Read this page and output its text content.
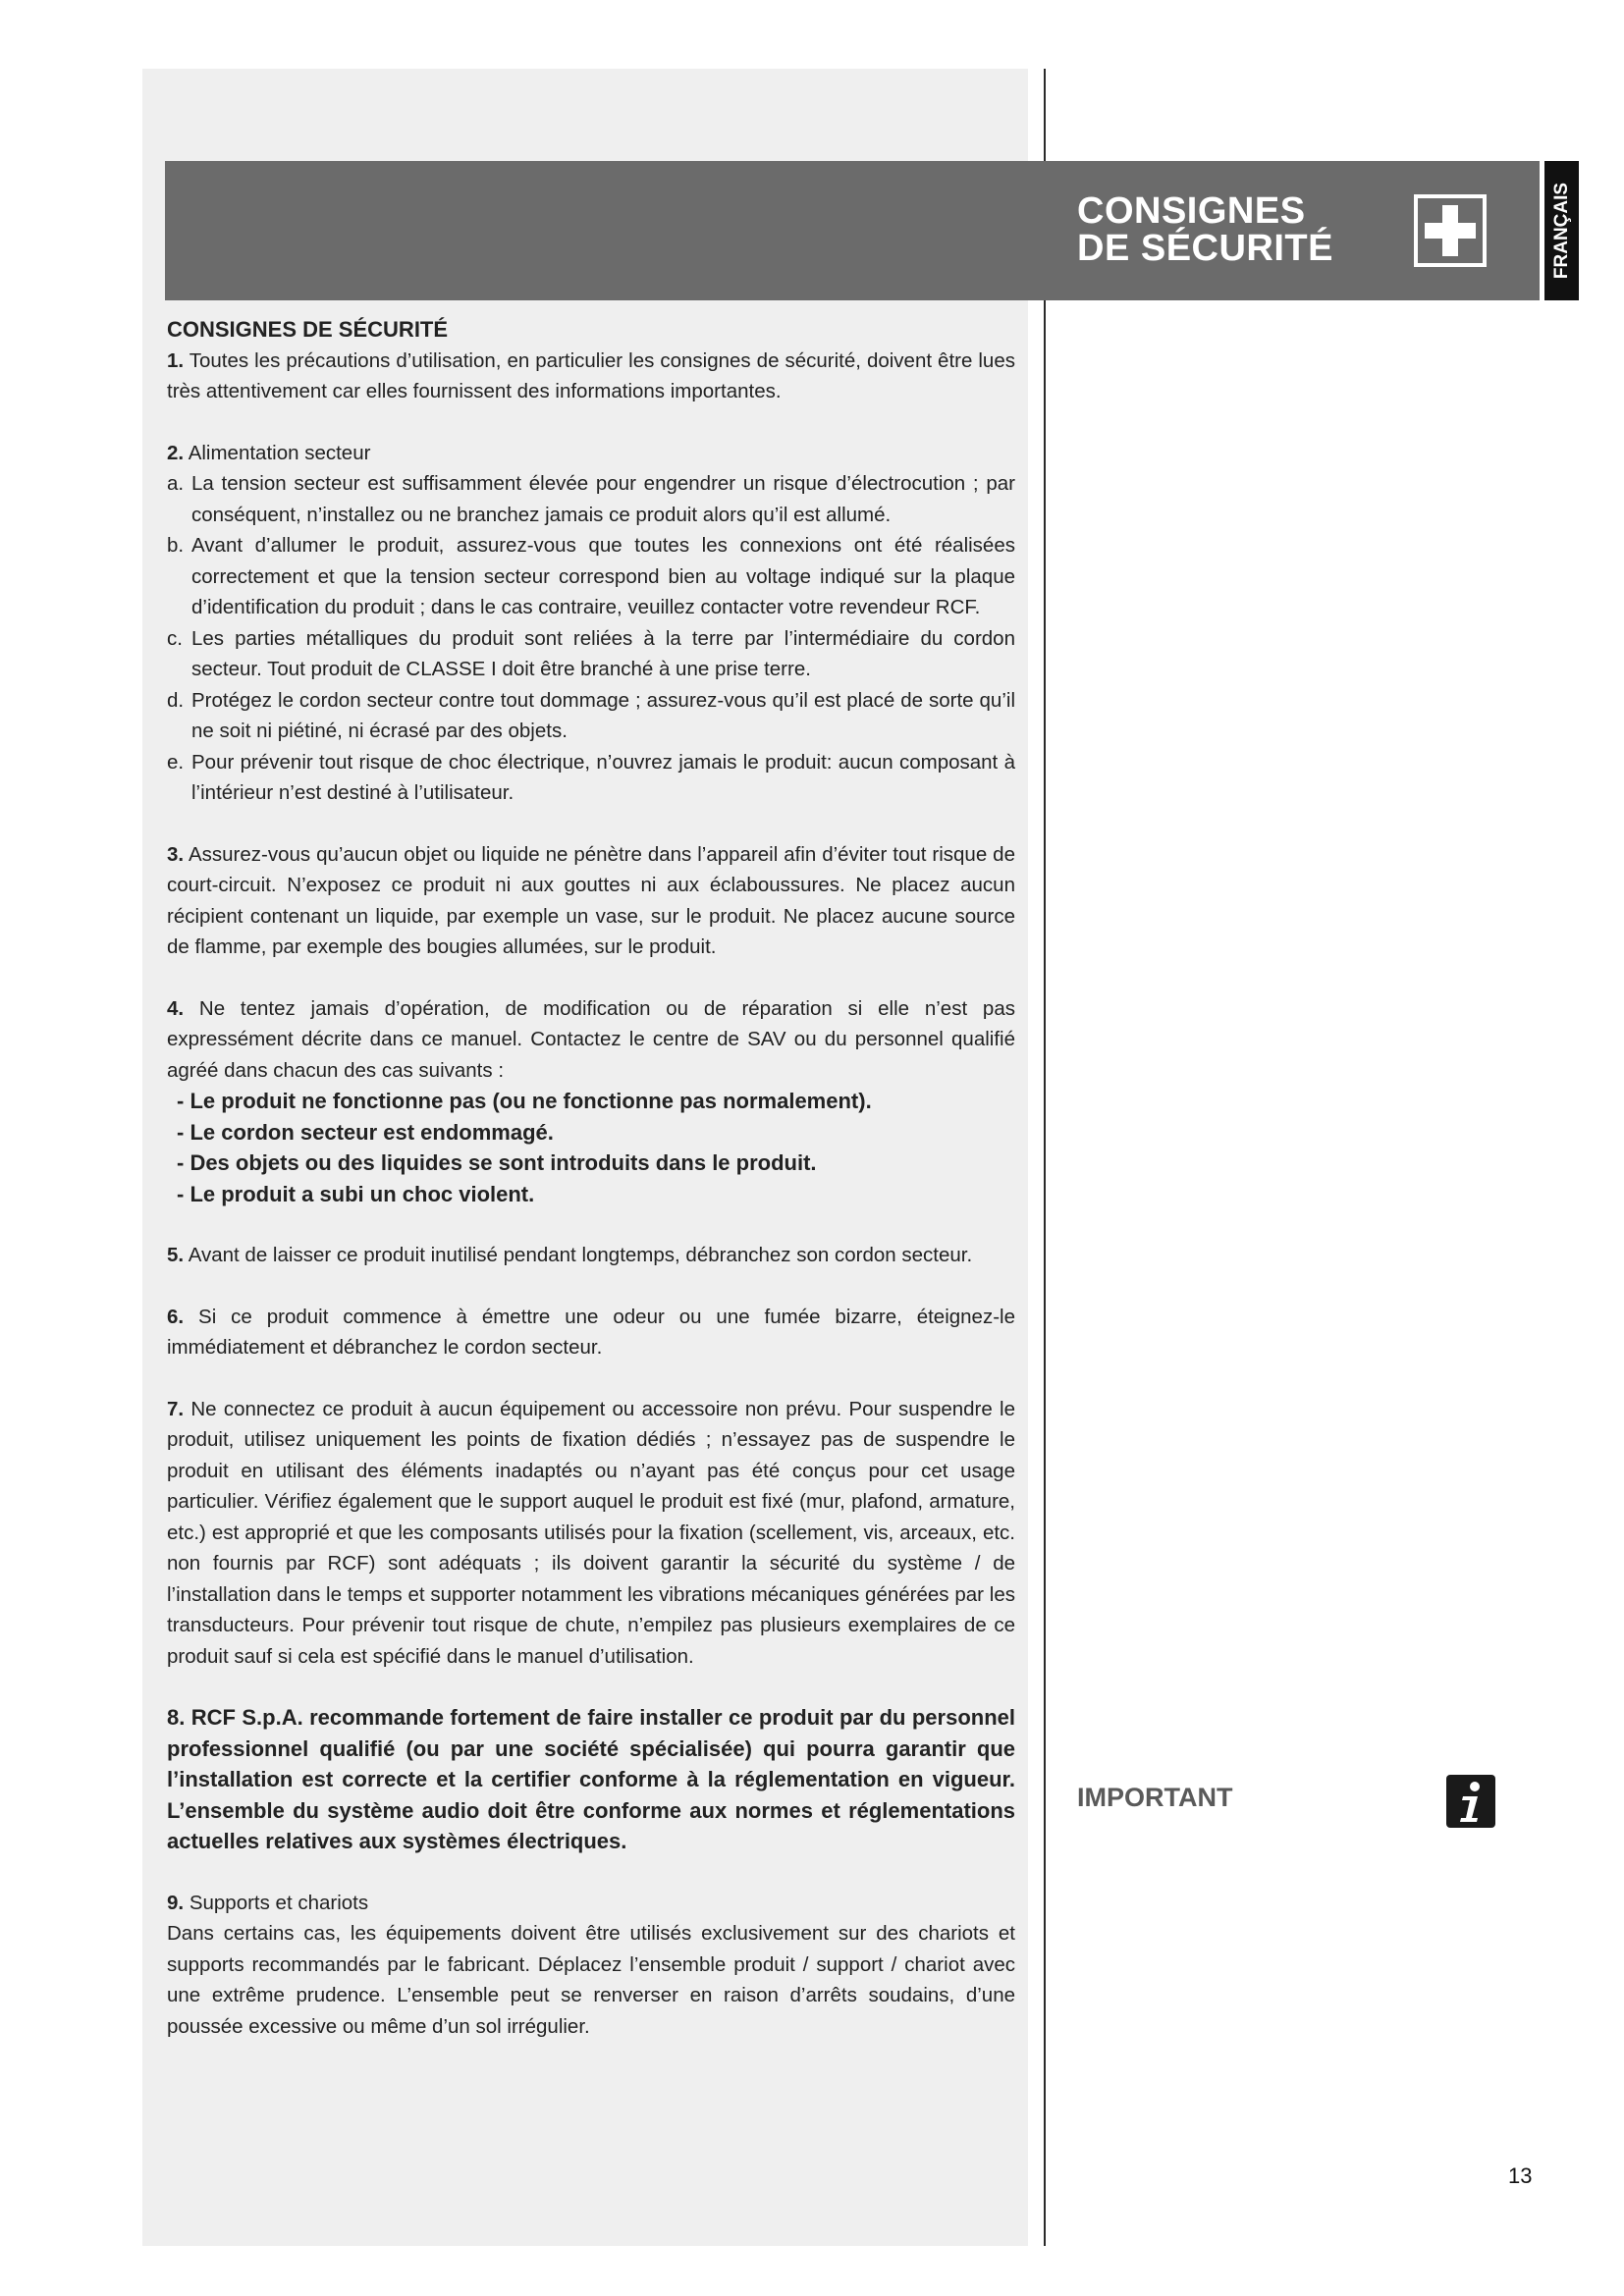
CONSIGNES
DE SÉCURITÉ	FRANÇAIS
CONSIGNES DE SÉCURITÉ

1. Toutes les précautions d’utilisation, en particulier les consignes de sécurité, doivent être lues très attentivement car elles fournissent des informations importantes.

2. Alimentation secteur

a. La tension secteur est suffisamment élevée pour engendrer un risque d’électrocution ; par conséquent, n’installez ou ne branchez jamais ce produit alors qu’il est allumé.
b. Avant d’allumer le produit, assurez-vous que toutes les connexions ont été réalisées correctement et que la tension secteur correspond bien au voltage indiqué sur la plaque d’identification du produit ; dans le cas contraire, veuillez contacter votre revendeur RCF.
c. Les parties métalliques du produit sont reliées à la terre par l’intermédiaire du cordon secteur. Tout produit de CLASSE I doit être branché à une prise terre.
d. Protégez le cordon secteur contre tout dommage ; assurez-vous qu’il est placé de sorte qu’il ne soit ni piétiné, ni écrasé par des objets.
e. Pour prévenir tout risque de choc électrique, n’ouvrez jamais le produit: aucun composant à l’intérieur n’est destiné à l’utilisateur.

3. Assurez-vous qu’aucun objet ou liquide ne pénètre dans l’appareil afin d’éviter tout risque de court-circuit. N’exposez ce produit ni aux gouttes ni aux éclaboussures. Ne placez aucun récipient contenant un liquide, par exemple un vase, sur le produit. Ne placez aucune source de flamme, par exemple des bougies allumées, sur le produit.

4. Ne tentez jamais d’opération, de modification ou de réparation si elle n’est pas expressément décrite dans ce manuel. Contactez le centre de SAV ou du personnel qualifié agréé dans chacun des cas suivants :

- Le produit ne fonctionne pas (ou ne fonctionne pas normalement).
- Le cordon secteur est endommagé.
- Des objets ou des liquides se sont introduits dans le produit.
- Le produit a subi un choc violent.

5. Avant de laisser ce produit inutilisé pendant longtemps, débranchez son cordon secteur.

6. Si ce produit commence à émettre une odeur ou une fumée bizarre, éteignez-le immédiatement et débranchez le cordon secteur.

7. Ne connectez ce produit à aucun équipement ou accessoire non prévu. Pour suspendre le produit, utilisez uniquement les points de fixation dédiés ; n’essayez pas de suspendre le produit en utilisant des éléments inadaptés ou n’ayant pas été conçus pour cet usage particulier. Vérifiez également que le support auquel le produit est fixé (mur, plafond, armature, etc.) est approprié et que les composants utilisés pour la fixation (scellement, vis, arceaux, etc. non fournis par RCF) sont adéquats ; ils doivent garantir la sécurité du système / de l’installation dans le temps et supporter notamment les vibrations mécaniques générées par les transducteurs. Pour prévenir tout risque de chute, n’empilez pas plusieurs exemplaires de ce produit sauf si cela est spécifié dans le manuel d’utilisation.

8. RCF S.p.A. recommande fortement de faire installer ce produit par du personnel professionnel qualifié (ou par une société spécialisée) qui pourra garantir que l’installation est correcte et la certifier conforme à la réglementation en vigueur. L’ensemble du système audio doit être conforme aux normes et réglementations actuelles relatives aux systèmes électriques.

9. Supports et chariots

Dans certains cas, les équipements doivent être utilisés exclusivement sur des chariots et supports recommandés par le fabricant. Déplacez l’ensemble produit / support / chariot avec une extrême prudence. L’ensemble peut se renverser en raison d’arrêts soudains, d’une poussée excessive ou même d’un sol irrégulier.

IMPORTANT
13
